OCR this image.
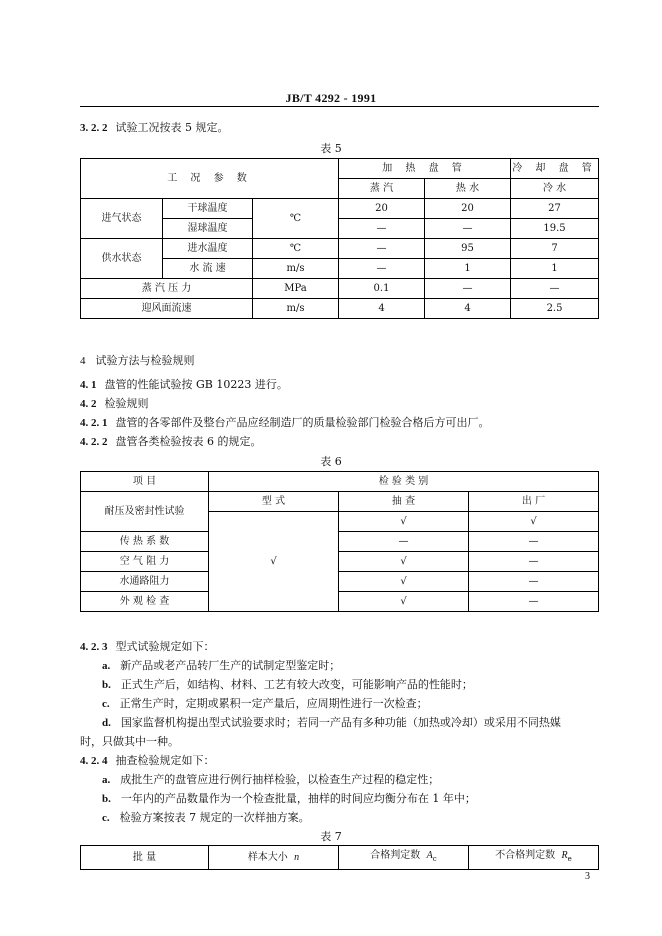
JB/T 4292 - 1991
3. 2. 2 试验工况按表 5 规定。
表 5
工 况 参 数			加 热 盘 管		冷 却 盘 管
			蒸 汽	热 水	冷 水
进气状态	干球温度	℃	20	20	27
	湿球温度		—	—	19.5
供水状态	进水温度	℃	—	95	7
	水 流 速	m/s	—	1	1
蒸 汽 压 力		MPa	0.1	—	—
迎风面流速		m/s	4	4	2.5
4 试验方法与检验规则
4. 1 盘管的性能试验按 GB 10223 进行。
4. 2 检验规则
4. 2. 1 盘管的各零部件及整台产品应经制造厂的质量检验部门检验合格后方可出厂。
4. 2. 2 盘管各类检验按表 6 的规定。
表 6
项 目	检 验 类 别		
耐压及密封性试验	型 式	抽 查	出 厂
	√	√	√
传 热 系 数		—	—
空 气 阻 力		√	—
水通路阻力		√	—
外 观 检 查		√	—
4. 2. 3 型式试验规定如下：
a. 新产品或老产品转厂生产的试制定型鉴定时；
b. 正式生产后，如结构、材料、工艺有较大改变，可能影响产品的性能时；
c. 正常生产时，定期或累积一定产量后，应周期性进行一次检查；
d. 国家监督机构提出型式试验要求时；若同一产品有多种功能（加热或冷却）或采用不同热媒
时，只做其中一种。
4. 2. 4 抽查检验规定如下：
a. 成批生产的盘管应进行例行抽样检验，以检查生产过程的稳定性；
b. 一年内的产品数量作为一个检查批量，抽样的时间应均衡分布在 1 年中；
c. 检验方案按表 7 规定的一次样抽方案。
表 7
批 量	样本大小 n	合格判定数 $A_c$	不合格判定数 $R_e$
3
